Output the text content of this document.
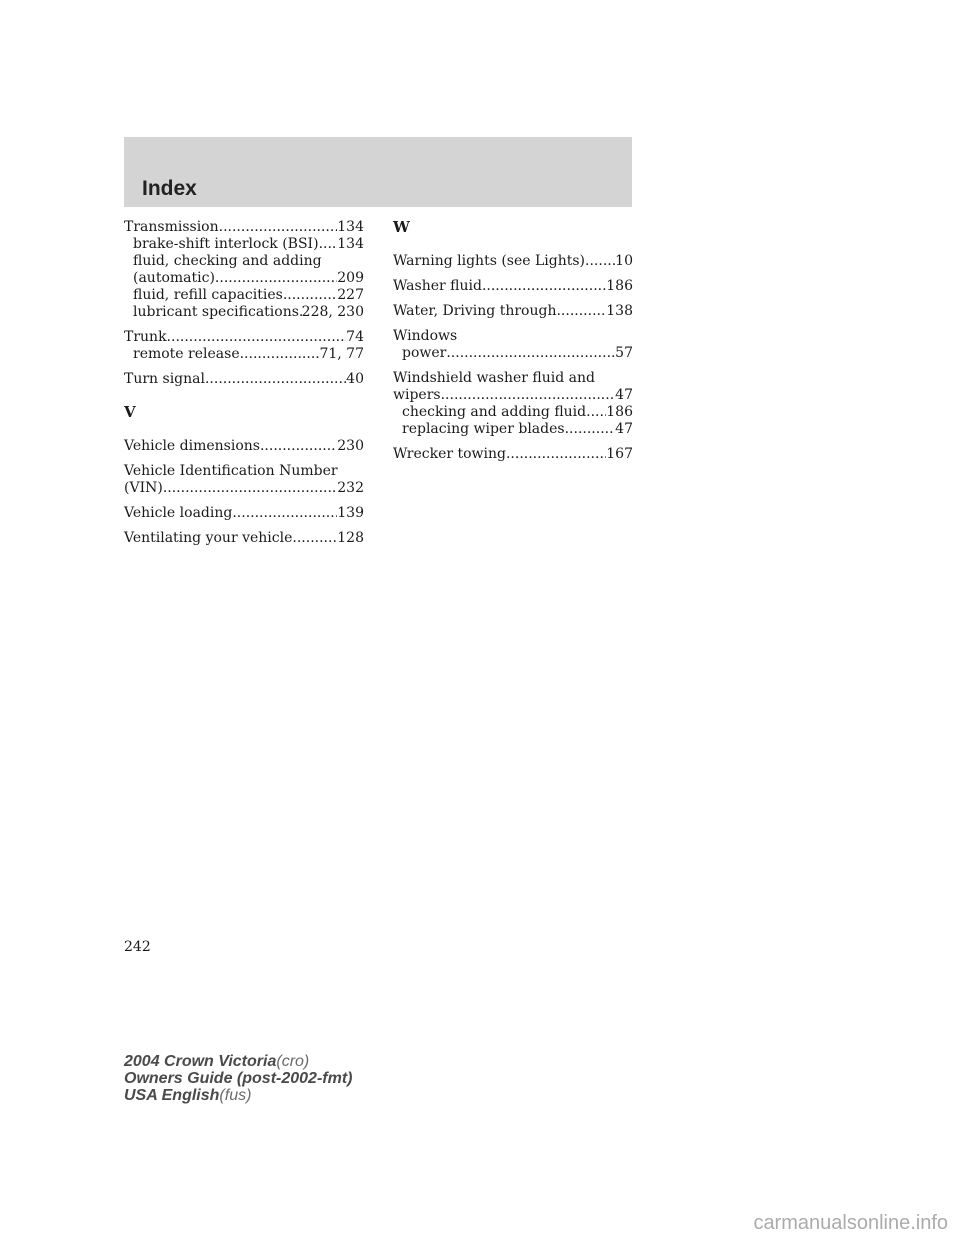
Index
Transmission .....	134
brake-shift interlock (BSI) ..... 134
fluid, checking and adding
(automatic) .....	209
fluid, refill capacities .....	227
lubricant specifications ..... 228, 230
Trunk .....	74
remote release .....	71, 77
Turn signal .....	40
V
Vehicle dimensions .....	230
Vehicle Identification Number
(VIN) .....	232
Vehicle loading .....	139
Ventilating your vehicle .....	128
W
Warning lights (see Lights) ..... 10
Washer fluid .....	186
Water, Driving through .....	138
Windows
power .....	57
Windshield washer fluid and
wipers .....	47
checking and adding fluid ..... 186
replacing wiper blades .....	47
Wrecker towing .....	167
242
2004 Crown Victoria(cro)
Owners Guide (post-2002-fmt)
USA English(fus)
carmanualsonline.info
